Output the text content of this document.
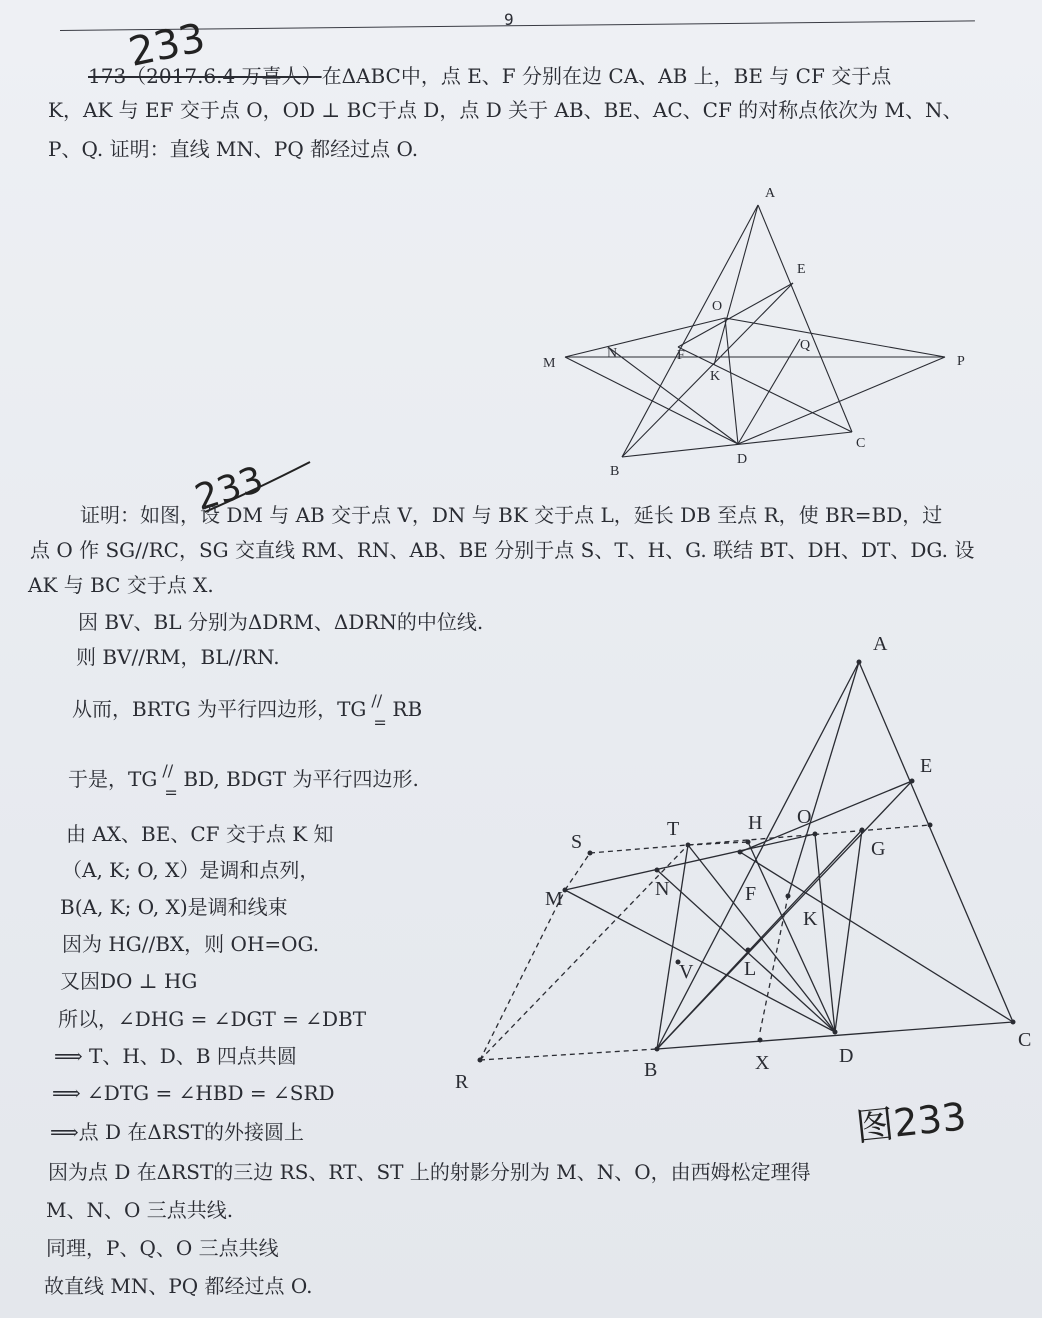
9
233
173（2017.6.4 万喜人）在ΔABC中，点 E、F 分别在边 CA、AB 上，BE 与 CF 交于点
K，AK 与 EF 交于点 O，OD ⊥ BC于点 D，点 D 关于 AB、BE、AC、CF 的对称点依次为 M、N、
P、Q. 证明：直线 MN、PQ 都经过点 O.
A
E
O
M
N	F
Q
P
K
B
D
C
233
证明：如图，设 DM 与 AB 交于点 V，DN 与 BK 交于点 L，延长 DB 至点 R，使 BR=BD，过
点 O 作 SG//RC，SG 交直线 RM、RN、AB、BE 分别于点 S、T、H、G. 联结 BT、DH、DT、DG. 设
AK 与 BC 交于点 X.
因 BV、BL 分别为ΔDRM、ΔDRN的中位线.
则 BV//RM，BL//RN.
从而，BRTG 为平行四边形，TG //
=
RB
于是，TG //
=
BD, BDGT 为平行四边形.
由 AX、BE、CF 交于点 K 知
（A, K; O, X）是调和点列，
B(A, K; O, X)是调和线束
因为 HG//BX，则 OH=OG.
又因DO ⊥ HG
所以，∠DHG = ∠DGT = ∠DBT
⟹ T、H、D、B 四点共圆
⟹ ∠DTG = ∠HBD = ∠SRD
⟹点 D 在ΔRST的外接圆上
因为点 D 在ΔRST的三边 RS、RT、ST 上的射影分别为 M、N、O，由西姆松定理得
M、N、O 三点共线.
同理，P、Q、O 三点共线
故直线 MN、PQ 都经过点 O.
A
E
H O
T
S	G
M	N	F
K
V	L
R
B	X	D
C
图233
